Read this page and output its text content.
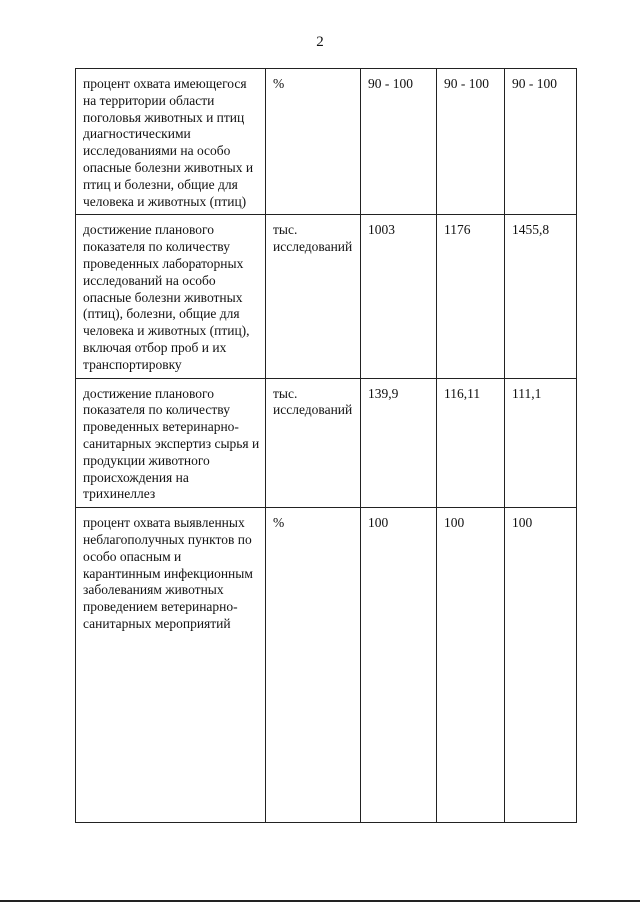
2
процент охвата имеющегося на территории области поголовья животных и птиц диагностическими исследованиями на особо опасные болезни животных и птиц и болезни, общие для человека и животных (птиц)	%	90 - 100	90 - 100	90 - 100
достижение планового показателя по количеству проведенных лабораторных исследований на особо опасные болезни животных (птиц), болезни, общие для человека и животных (птиц), включая отбор проб и их транспортировку	тыс. исследований	1003	1176	1455,8
достижение планового показателя по количеству проведенных ветеринарно-санитарных экспертиз сырья и продукции животного происхождения на трихинеллез	тыс. исследований	139,9	116,11	111,1
процент охвата выявленных неблагополучных пунктов по особо опасным и карантинным инфекционным заболеваниям животных проведением ветеринарно-санитарных мероприятий	%	100	100	100
